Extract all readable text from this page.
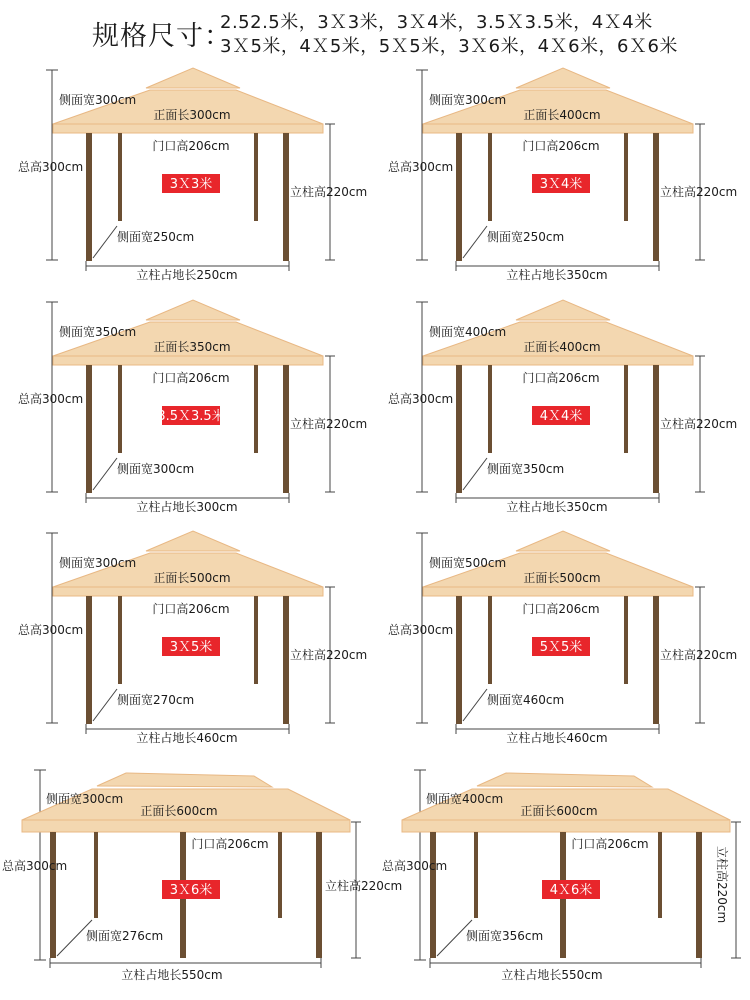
规格尺寸：
2.52.5米，3Ｘ3米，3Ｘ4米，3.5Ｘ3.5米，4Ｘ4米
3Ｘ5米，4Ｘ5米，5Ｘ5米，3Ｘ6米，4Ｘ6米，6Ｘ6米
侧面宽300cm
正面长300cm
门口高206cm
3Ｘ3米
总高300cm
立柱高220cm
侧面宽250cm
立柱占地长250cm
侧面宽300cm
正面长400cm
门口高206cm
3Ｘ4米
总高300cm
立柱高220cm
侧面宽250cm
立柱占地长350cm
侧面宽350cm
正面长350cm
门口高206cm
3.5Ｘ3.5米
总高300cm
立柱高220cm
侧面宽300cm
立柱占地长300cm
侧面宽400cm
正面长400cm
门口高206cm
4Ｘ4米
总高300cm
立柱高220cm
侧面宽350cm
立柱占地长350cm
侧面宽300cm
正面长500cm
门口高206cm
3Ｘ5米
总高300cm
立柱高220cm
侧面宽270cm
立柱占地长460cm
侧面宽500cm
正面长500cm
门口高206cm
5Ｘ5米
总高300cm
立柱高220cm
侧面宽460cm
立柱占地长460cm
侧面宽300cm
正面长600cm
门口高206cm
3Ｘ6米
总高300cm
立柱高220cm
侧面宽276cm
立柱占地长550cm
侧面宽400cm
正面长600cm
门口高206cm
4Ｘ6米
总高300cm	立柱高220cm
侧面宽356cm
立柱占地长550cm
